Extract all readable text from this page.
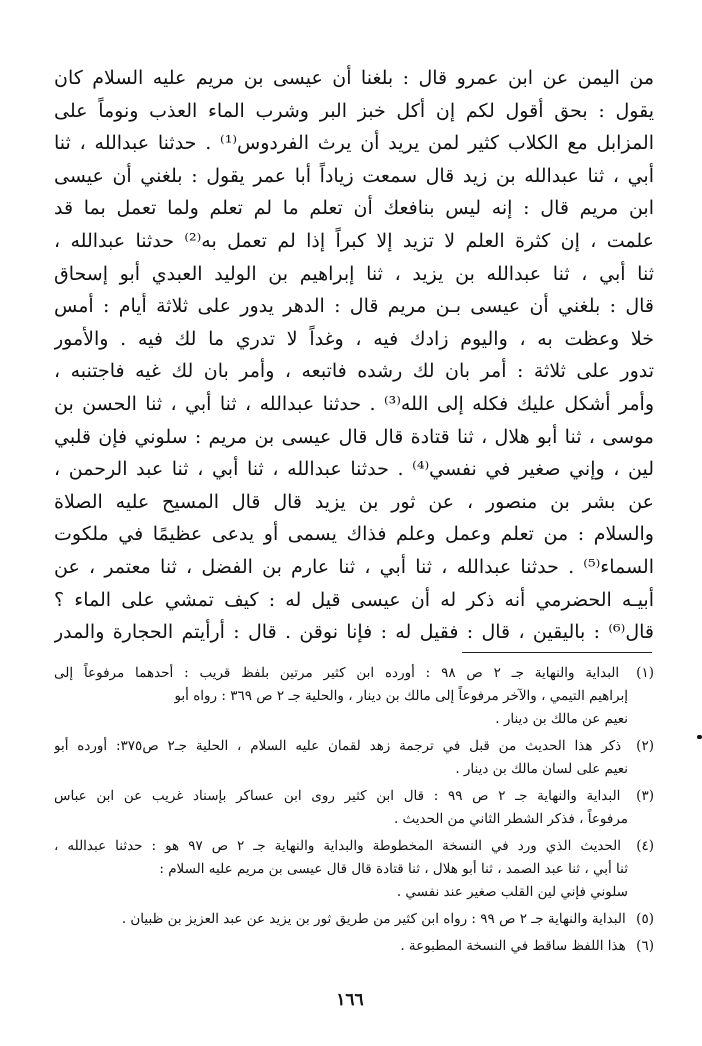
من اليمن عن ابن عمرو قال : بلغنا أن عيسى بن مريم عليه السلام كان
يقول : بحق أقول لكم إن أكل خبز البر وشرب الماء العذب ونوماً على
المزابل مع الكلاب كثير لمن يريد أن يرث الفردوس⁽¹⁾ . حدثنا عبدالله ، ثنا
أبي ، ثنا عبدالله بن زيد قال سمعت زياداً أبا عمر يقول : بلغني أن عيسى
ابن مريم قال : إنه ليس بنافعك أن تعلم ما لم تعلم ولما تعمل بما قد
علمت ، إن كثرة العلم لا تزيد إلا كبراً إذا لم تعمل به⁽²⁾ حدثنا عبدالله ،
ثنا أبي ، ثنا عبدالله بن يزيد ، ثنا إبراهيم بن الوليد العبدي أبو إسحاق
قال : بلغني أن عيسى بـن مريم قال : الدهر يدور على ثلاثة أيام : أمس
خلا وعظت به ، واليوم زادك فيه ، وغداً لا تدري ما لك فيه . والأمور
تدور على ثلاثة : أمر بان لك رشده فاتبعه ، وأمر بان لك غيه فاجتنبه ،
وأمر أشكل عليك فكله إلى الله⁽³⁾ . حدثنا عبدالله ، ثنا أبي ، ثنا الحسن بن
موسى ، ثنا أبو هلال ، ثنا قتادة قال قال عيسى بن مريم : سلوني فإن قلبي
لين ، وإني صغير في نفسي⁽⁴⁾ . حدثنا عبدالله ، ثنا أبي ، ثنا عبد الرحمن ،
عن بشر بن منصور ، عن ثور بن يزيد قال قال المسيح عليه الصلاة
والسلام : من تعلم وعمل وعلم فذاك يسمى أو يدعى عظيمًا في ملكوت
السماء⁽⁵⁾ . حدثنا عبدالله ، ثنا أبي ، ثنا عارم بن الفضل ، ثنا معتمر ، عن
أبيـه الحضرمي أنه ذكر له أن عيسى قيل له : كيف تمشي على الماء ؟
قال⁽⁶⁾ : باليقين ، قال : فقيل له : فإنا نوقن . قال : أرأيتم الحجارة والمدر
(١) البداية والنهاية جـ ٢ ص ٩٨ : أورده ابن كثير مرتين بلفظ قريب : أحدهما مرفوعاً إلى
إبراهيم التيمي ، والآخر مرفوعاً إلى مالك بن دينار ، والحلية جـ ٢ ص ٣٦٩ : رواه أبو
نعيم عن مالك بن دينار .
(٢) ذكر هذا الحديث من قبل في ترجمة زهد لقمان عليه السلام ، الحلية جـ٢ ص٣٧٥: أورده أبو
نعيم على لسان مالك بن دينار .
(٣) البداية والنهاية جـ ٢ ص ٩٩ : قال ابن كثير روى ابن عساكر بإسناد غريب عن ابن عباس
مرفوعاً ، فذكر الشطر الثاني من الحديث .
(٤) الحديث الذي ورد في النسخة المخطوطة والبداية والنهاية جـ ٢ ص ٩٧ هو : حدثنا عبدالله ،
ثنا أبي ، ثنا عبد الصمد ، ثنا أبو هلال ، ثنا قتادة قال قال عيسى بن مريم عليه السلام :
سلوني فإني لين القلب صغير عند نفسي .
(٥) البداية والنهاية جـ ٢ ص ٩٩ : رواه ابن كثير من طريق ثور بن يزيد عن عبد العزيز بن ظبيان .
(٦) هذا اللفظ ساقط في النسخة المطبوعة .
١٦٦
